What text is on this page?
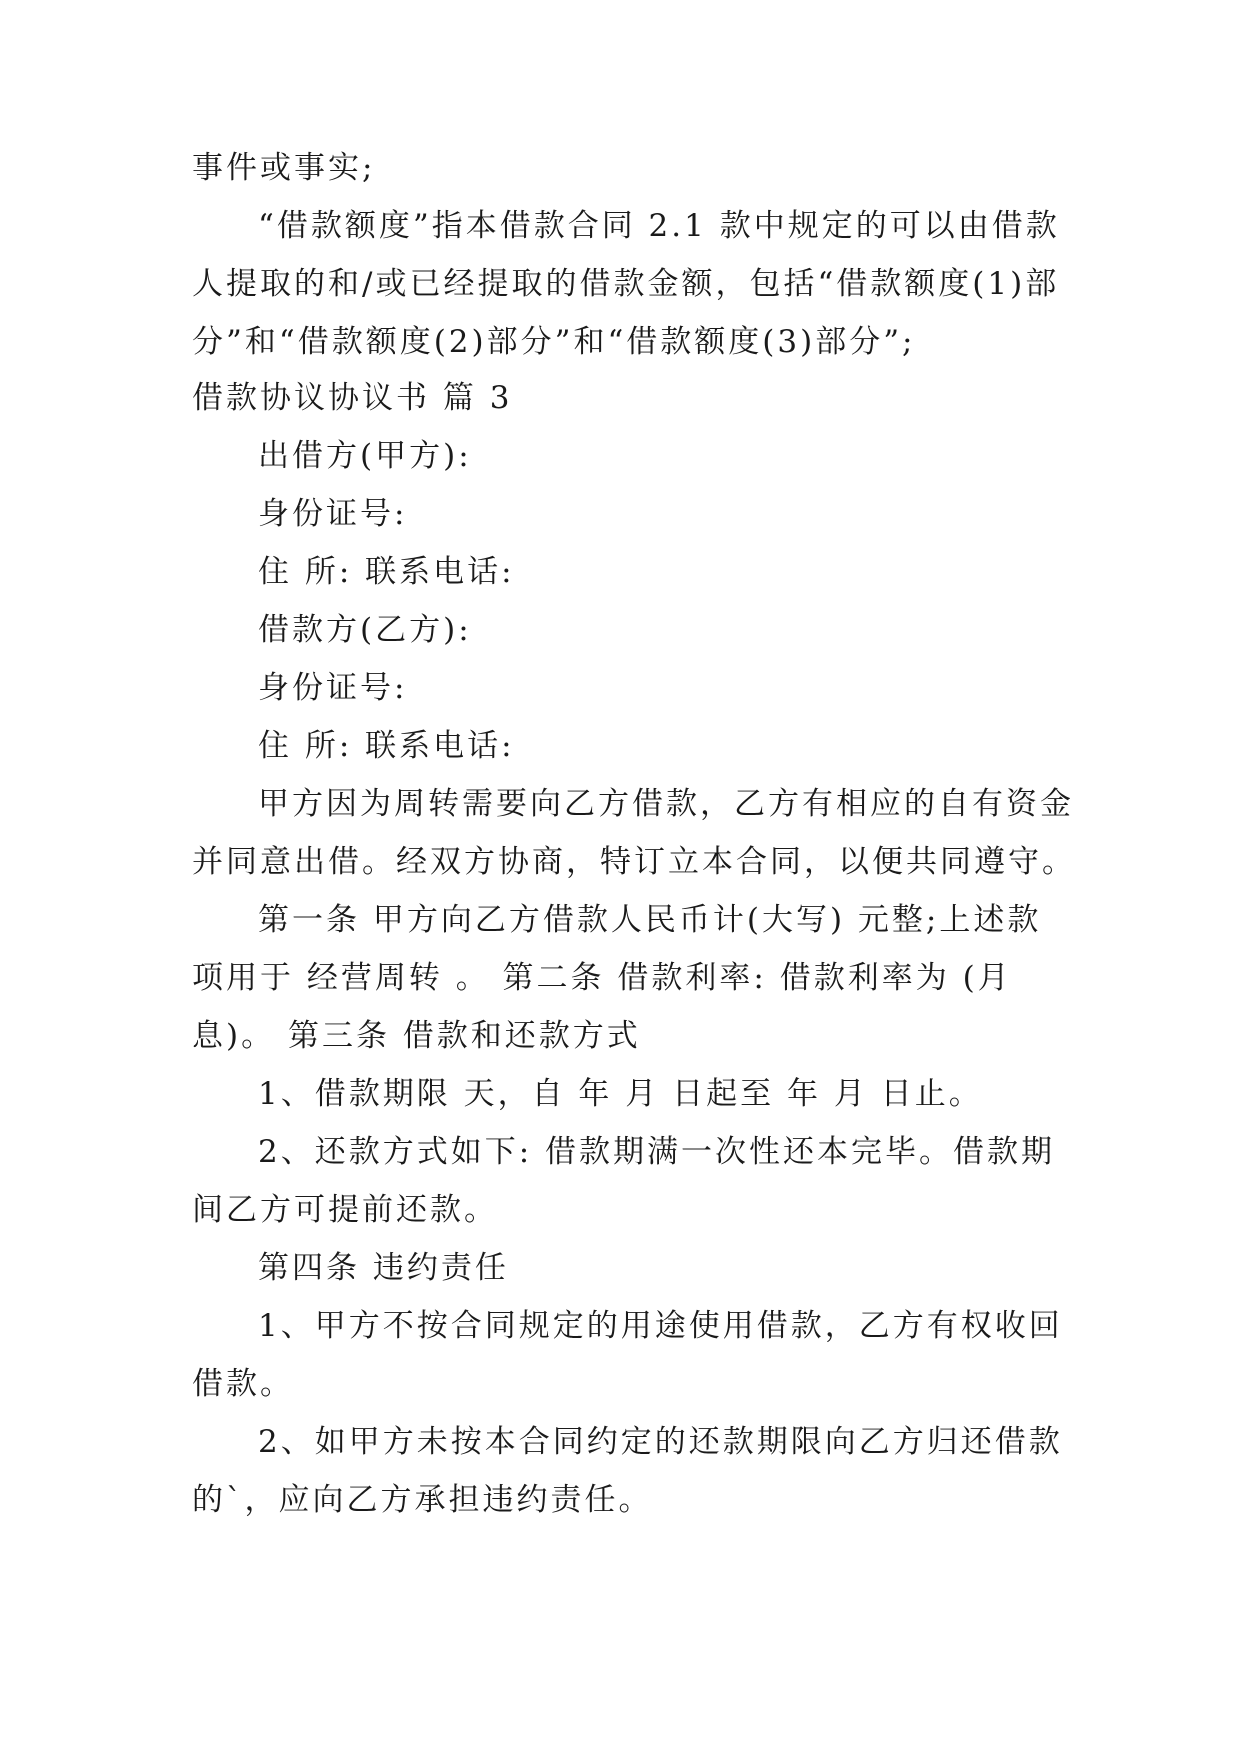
事件或事实;
“借款额度”指本借款合同 2.1 款中规定的可以由借款
人提取的和/或已经提取的借款金额，包括“借款额度(1)部
分”和“借款额度(2)部分”和“借款额度(3)部分”;
借款协议协议书 篇 3
出借方(甲方):
身份证号:
住 所: 联系电话:
借款方(乙方):
身份证号:
住 所: 联系电话:
甲方因为周转需要向乙方借款，乙方有相应的自有资金
并同意出借。经双方协商，特订立本合同，以便共同遵守。
第一条 甲方向乙方借款人民币计(大写) 元整;上述款
项用于 经营周转 。 第二条 借款利率: 借款利率为 (月
息)。 第三条 借款和还款方式
1、借款期限 天，自 年 月 日起至 年 月 日止。
2、还款方式如下: 借款期满一次性还本完毕。借款期
间乙方可提前还款。
第四条 违约责任
1、甲方不按合同规定的用途使用借款，乙方有权收回
借款。
2、如甲方未按本合同约定的还款期限向乙方归还借款
的`，应向乙方承担违约责任。
